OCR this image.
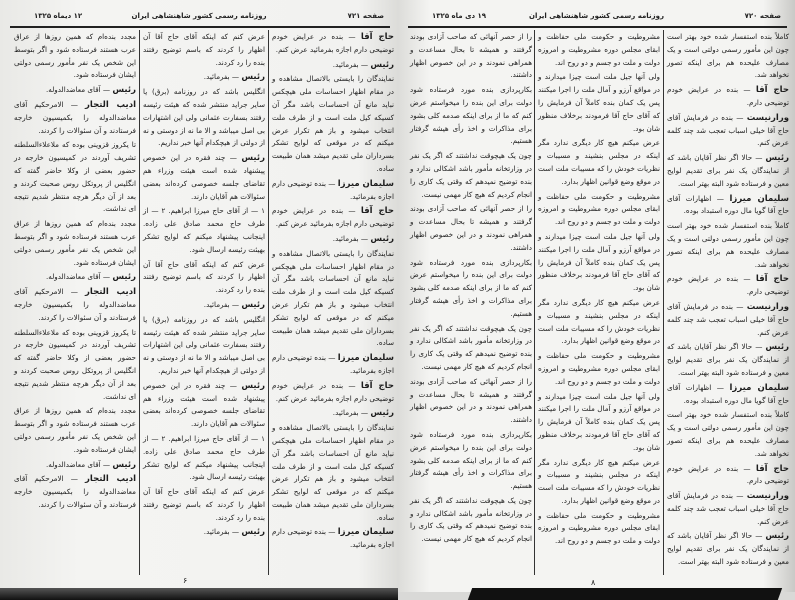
صفحه ۷۲۱
روزنامه رسمی کشور شاهنشاهی ایران
۱۲ دیماه ۱۳۲۵

حاج آقا — بنده در عرایض خودم توضیحی دارم اجازه بفرمائید عرض کنم.

رئیس — بفرمائید.

نمایندگان را بایستی بالاتصال مشاهده و در مقام اظهار احساسات ملی هیچکس نباید مانع آن احساسات باشد مگر آن کسیکه کیل ملت است و از طرف ملت انتخاب میشود و باز هم تکرار عرض میکنم که در موقعی که لوایح تشکر بسرداران ملی تقدیم میشد همان طبیعت ساده.

سلیمان میرزا — بنده توضیحی دارم اجازه بفرمائید.

حاج آقا — بنده در عرایض خودم توضیحی دارم اجازه بفرمائید عرض کنم.

رئیس — بفرمائید.

نمایندگان را بایستی بالاتصال مشاهده و در مقام اظهار احساسات ملی هیچکس نباید مانع آن احساسات باشد مگر آن کسیکه کیل ملت است و از طرف ملت انتخاب میشود و باز هم تکرار عرض میکنم که در موقعی که لوایح تشکر بسرداران ملی تقدیم میشد همان طبیعت ساده.

سلیمان میرزا — بنده توضیحی دارم اجازه بفرمائید.

حاج آقا — بنده در عرایض خودم توضیحی دارم اجازه بفرمائید عرض کنم.

رئیس — بفرمائید.

نمایندگان را بایستی بالاتصال مشاهده و در مقام اظهار احساسات ملی هیچکس نباید مانع آن احساسات باشد مگر آن کسیکه کیل ملت است و از طرف ملت انتخاب میشود و باز هم تکرار عرض میکنم که در موقعی که لوایح تشکر بسرداران ملی تقدیم میشد همان طبیعت ساده.

سلیمان میرزا — بنده توضیحی دارم اجازه بفرمائید.

عرض کنم که اینکه آقای حاج آقا آن اظهار را کردند که باسم توضیح رفتند بنده را رد کردند.

رئیس — بفرمائید.

انگلیس باشد که در روزنامه (برق) یا سایر جراید منتشر شده که هیئت رئیسه رفتند بسفارت عثمانی ولی این اشتهارات بی اصل میباشد و الا ما نه از دوستی و نه از دولتی از هیچکدام آنها خبر نداریم.

رئیس — چند فقره در این خصوص پیشنهاد شده است هیئت وزراء هم تقاضای جلسه خصوصی کرده‌اند بعضی سئوالات هم آقایان دارند.

۱ — از آقای حاج میرزا ابراهیم. ۲ — از طرف حاج محمد صادق علی زاده. اینجانب پیشنهاد میکنم که لوایح تشکر بهیئت رئیسه ارسال شود.

عرض کنم که اینکه آقای حاج آقا آن اظهار را کردند که باسم توضیح رفتند بنده را رد کردند.

رئیس — بفرمائید.

انگلیس باشد که در روزنامه (برق) یا سایر جراید منتشر شده که هیئت رئیسه رفتند بسفارت عثمانی ولی این اشتهارات بی اصل میباشد و الا ما نه از دوستی و نه از دولتی از هیچکدام آنها خبر نداریم.

رئیس — چند فقره در این خصوص پیشنهاد شده است هیئت وزراء هم تقاضای جلسه خصوصی کرده‌اند بعضی سئوالات هم آقایان دارند.

۱ — از آقای حاج میرزا ابراهیم. ۲ — از طرف حاج محمد صادق علی زاده. اینجانب پیشنهاد میکنم که لوایح تشکر بهیئت رئیسه ارسال شود.

عرض کنم که اینکه آقای حاج آقا آن اظهار را کردند که باسم توضیح رفتند بنده را رد کردند.

رئیس — بفرمائید.

مجدد بنده‌ام که همین روزها از عراق عرب هستند فرستاده شود و اگر بتوسط این شخص یک نفر مأمور رسمی دولتی ایشان فرستاده شود.

رئیس — آقای معاضد‌الدوله.

ادیب التجار — الامرحکیم آقای معاضد‌الدوله را بکمیسیون خارجه فرستادند و آن سئوالات را کردند.

تا یکروز قزوینی بوده که ملاعلاءالسلطنه تشریف آوردند در کمیسیون خارجه در حضور بعضی از وکلا حاضر گفته که انگلیس از پروتکل روس صحبت کردند و بعد از آن دیگر هرچه منتظر شدیم نتیجه ای نداشت.

مجدد بنده‌ام که همین روزها از عراق عرب هستند فرستاده شود و اگر بتوسط این شخص یک نفر مأمور رسمی دولتی ایشان فرستاده شود.

رئیس — آقای معاضد‌الدوله.

ادیب التجار — الامرحکیم آقای معاضد‌الدوله را بکمیسیون خارجه فرستادند و آن سئوالات را کردند.

تا یکروز قزوینی بوده که ملاعلاءالسلطنه تشریف آوردند در کمیسیون خارجه در حضور بعضی از وکلا حاضر گفته که انگلیس از پروتکل روس صحبت کردند و بعد از آن دیگر هرچه منتظر شدیم نتیجه ای نداشت.

مجدد بنده‌ام که همین روزها از عراق عرب هستند فرستاده شود و اگر بتوسط این شخص یک نفر مأمور رسمی دولتی ایشان فرستاده شود.

رئیس — آقای معاضد‌الدوله.

ادیب التجار — الامرحکیم آقای معاضد‌الدوله را بکمیسیون خارجه فرستادند و آن سئوالات را کردند.

۶
صفحه ۷۲۰
روزنامه رسمی کشور شاهنشاهی ایران
۱۹ دی ماه ۱۳۲۵

را از حصر آنهائی که صاحب آزادی بودند گرفتند و همیشه تا بحال مساعدت و همراهی نمودند و در این خصوص اظهار داشتند.

بکارپردازی بنده مورد فرستاده شود دولت برای این بنده را میخواستم عرض کنم که ما از برای اینکه صدمه کلی بشود برای مذاکرات و اخذ رأی هیشه گرفتار هستیم.

چون یک هیچوقت نداشتند که اگر یک نفر در وزارتخانه مأمور باشد اشکالی ندارد و بنده توضیح نمیدهم که وقتی یک کاری را انجام کردیم که هیچ کار مهمی نیست.

را از حصر آنهائی که صاحب آزادی بودند گرفتند و همیشه تا بحال مساعدت و همراهی نمودند و در این خصوص اظهار داشتند.

بکارپردازی بنده مورد فرستاده شود دولت برای این بنده را میخواستم عرض کنم که ما از برای اینکه صدمه کلی بشود برای مذاکرات و اخذ رأی هیشه گرفتار هستیم.

چون یک هیچوقت نداشتند که اگر یک نفر در وزارتخانه مأمور باشد اشکالی ندارد و بنده توضیح نمیدهم که وقتی یک کاری را انجام کردیم که هیچ کار مهمی نیست.

را از حصر آنهائی که صاحب آزادی بودند گرفتند و همیشه تا بحال مساعدت و همراهی نمودند و در این خصوص اظهار داشتند.

بکارپردازی بنده مورد فرستاده شود دولت برای این بنده را میخواستم عرض کنم که ما از برای اینکه صدمه کلی بشود برای مذاکرات و اخذ رأی هیشه گرفتار هستیم.

چون یک هیچوقت نداشتند که اگر یک نفر در وزارتخانه مأمور باشد اشکالی ندارد و بنده توضیح نمیدهم که وقتی یک کاری را انجام کردیم که هیچ کار مهمی نیست.

مشروطیت و حکومت ملی حفاظت و ابقای مجلس دوره مشروطیت و امروزه دولت و ملت دو جسم و دو روح اند.

ولی آنها جیل ملت است چیزا میدارند و در مواقع آرزو و آمال ملت را اجرا میکنند پس یک کمان بنده کاملاً آن فرمایش را که آقای حاج آقا فرمودند برخلاف منظور شان بود.

عرض میکنم هیچ کار دیگری ندارد مگر اینکه در مجلس بنشیند و مسیبات و نظریات خودش را که مسیبات ملت است در موقع وضع قوانین اظهار بدارد.

مشروطیت و حکومت ملی حفاظت و ابقای مجلس دوره مشروطیت و امروزه دولت و ملت دو جسم و دو روح اند.

ولی آنها جیل ملت است چیزا میدارند و در مواقع آرزو و آمال ملت را اجرا میکنند پس یک کمان بنده کاملاً آن فرمایش را که آقای حاج آقا فرمودند برخلاف منظور شان بود.

عرض میکنم هیچ کار دیگری ندارد مگر اینکه در مجلس بنشیند و مسیبات و نظریات خودش را که مسیبات ملت است در موقع وضع قوانین اظهار بدارد.

مشروطیت و حکومت ملی حفاظت و ابقای مجلس دوره مشروطیت و امروزه دولت و ملت دو جسم و دو روح اند.

ولی آنها جیل ملت است چیزا میدارند و در مواقع آرزو و آمال ملت را اجرا میکنند پس یک کمان بنده کاملاً آن فرمایش را که آقای حاج آقا فرمودند برخلاف منظور شان بود.

عرض میکنم هیچ کار دیگری ندارد مگر اینکه در مجلس بنشیند و مسیبات و نظریات خودش را که مسیبات ملت است در موقع وضع قوانین اظهار بدارد.

مشروطیت و حکومت ملی حفاظت و ابقای مجلس دوره مشروطیت و امروزه دولت و ملت دو جسم و دو روح اند.

کاملاً بنده استفسار شده خود بهتر است چون این مأمور رسمی دولتی است و یک مصارف علیحده هم برای اینکه تصور نخواهد شد.

حاج آقا — بنده در عرایض خودم توضیحی دارم.

ورارنیست — بنده در فرمایش آقای حاج آقا خیلی اسباب تعجب شد چند کلمه عرض کنم.

رئیس — حالا اگر نظر آقایان باشد که از نمایندگان یک نفر برای تقدیم لوایح معین و فرستاده شود البته بهتر است.

سلیمان میرزا — اظهارات آقای حاج آقا گویا مال دوره استبداد بوده.

کاملاً بنده استفسار شده خود بهتر است چون این مأمور رسمی دولتی است و یک مصارف علیحده هم برای اینکه تصور نخواهد شد.

حاج آقا — بنده در عرایض خودم توضیحی دارم.

ورارنیست — بنده در فرمایش آقای حاج آقا خیلی اسباب تعجب شد چند کلمه عرض کنم.

رئیس — حالا اگر نظر آقایان باشد که از نمایندگان یک نفر برای تقدیم لوایح معین و فرستاده شود البته بهتر است.

سلیمان میرزا — اظهارات آقای حاج آقا گویا مال دوره استبداد بوده.

کاملاً بنده استفسار شده خود بهتر است چون این مأمور رسمی دولتی است و یک مصارف علیحده هم برای اینکه تصور نخواهد شد.

حاج آقا — بنده در عرایض خودم توضیحی دارم.

ورارنیست — بنده در فرمایش آقای حاج آقا خیلی اسباب تعجب شد چند کلمه عرض کنم.

رئیس — حالا اگر نظر آقایان باشد که از نمایندگان یک نفر برای تقدیم لوایح معین و فرستاده شود البته بهتر است.

۸
